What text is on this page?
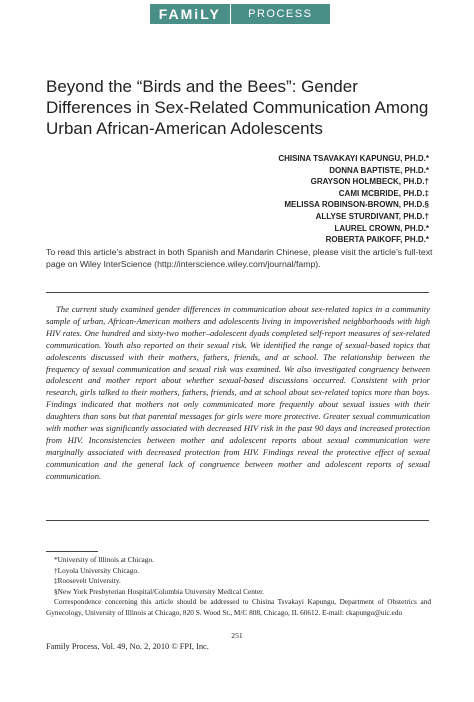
FAMiLY	PROCESS
Beyond the “Birds and the Bees”: Gender Differences in Sex-Related Communication Among Urban African-American Adolescents
CHISINA TSAVAKAYI KAPUNGU, PH.D.*
DONNA BAPTISTE, PH.D.*
GRAYSON HOLMBECK, PH.D.†
CAMI MCBRIDE, PH.D.‡
MELISSA ROBINSON-BROWN, PH.D.§
ALLYSE STURDIVANT, PH.D.†
LAUREL CROWN, PH.D.*
ROBERTA PAIKOFF, PH.D.*
To read this article’s abstract in both Spanish and Mandarin Chinese, please visit the article’s full-text page on Wiley InterScience (http://interscience.wiley.com/journal/famp).

The current study examined gender differences in communication about sex-related topics in a community sample of urban, African-American mothers and adolescents living in impoverished neighborhoods with high HIV rates. One hundred and sixty-two mother–adolescent dyads completed self-report measures of sex-related communication. Youth also reported on their sexual risk. We identified the range of sexual-based topics that adolescents discussed with their mothers, fathers, friends, and at school. The relationship between the frequency of sexual communication and sexual risk was examined. We also investigated congruency between adolescent and mother report about whether sexual-based discussions occurred. Consistent with prior research, girls talked to their mothers, fathers, friends, and at school about sex-related topics more than boys. Findings indicated that mothers not only communicated more frequently about sexual issues with their daughters than sons but that parental messages for girls were more protective. Greater sexual communication with mother was significantly associated with decreased HIV risk in the past 90 days and increased protection from HIV. Inconsistencies between mother and adolescent reports about sexual communication were marginally associated with decreased protection from HIV. Findings reveal the protective effect of sexual communication and the general lack of congruence between mother and adolescent reports of sexual communication.

*University of Illinois at Chicago.
†Loyola University Chicago.
‡Roosevelt University.
§New York Presbyterian Hospital/Columbia University Medical Center.
Correspondence concerning this article should be addressed to Chisina Tsvakayi Kapungu, Department of Obstetrics and Gynecology, University of Illinois at Chicago, 820 S. Wood St., M/C 808, Chicago, IL 60612. E-mail: ckapungu@uic.edu
251
Family Process, Vol. 49, No. 2, 2010 © FPI, Inc.
